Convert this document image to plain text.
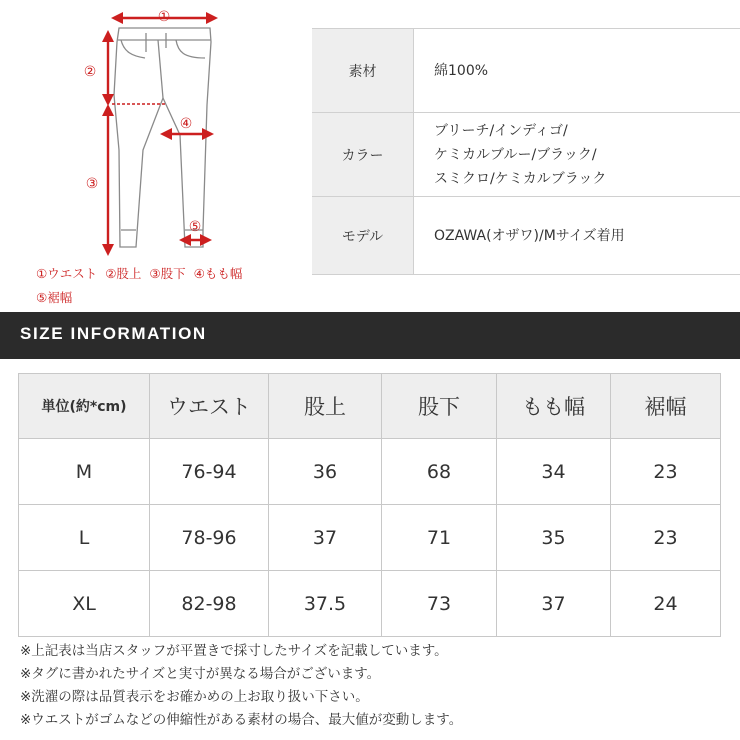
①
②
③
④
⑤
①ウエスト ②股上 ③股下 ④もも幅
⑤裾幅
素材	綿100%

カラー	ブリーチ/インディゴ/
ケミカルブルー/ブラック/
スミクロ/ケミカルブラック

モデル	OZAWA(オザワ)/Mサイズ着用
SIZE INFORMATION
単位(約*cm)	ウエスト	股上	股下	もも幅	裾幅
M	76-94	36	68	34	23
L	78-96	37	71	35	23
XL	82-98	37.5	73	37	24
※上記表は当店スタッフが平置きで採寸したサイズを記載しています。
※タグに書かれたサイズと実寸が異なる場合がございます。
※洗濯の際は品質表示をお確かめの上お取り扱い下さい。
※ウエストがゴムなどの伸縮性がある素材の場合、最大値が変動します。
